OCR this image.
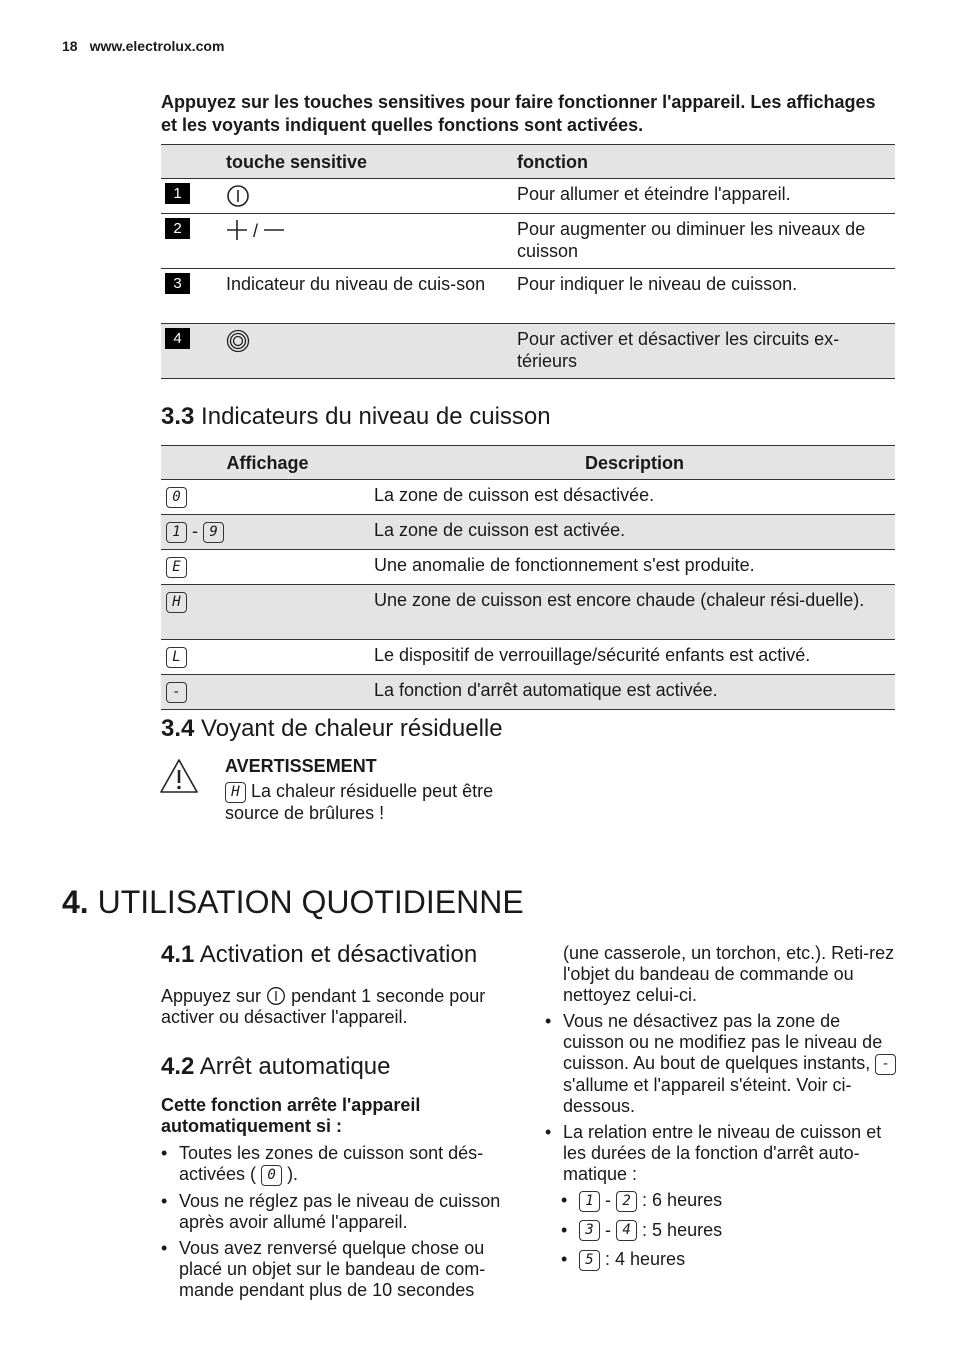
18 www.electrolux.com
Appuyez sur les touches sensitives pour faire fonctionner l'appareil. Les affichages et les voyants indiquent quelles fonctions sont activées.
	touche sensitive	fonction
1		Pour allumer et éteindre l'appareil.
2	/	Pour augmenter ou diminuer les niveaux de cuisson
3	Indicateur du niveau de cuis-son	Pour indiquer le niveau de cuisson.
4		Pour activer et désactiver les circuits ex-térieurs
3.3 Indicateurs du niveau de cuisson
Affichage	Description
0	La zone de cuisson est désactivée.
1 - 9	La zone de cuisson est activée.
E	Une anomalie de fonctionnement s'est produite.
H	Une zone de cuisson est encore chaude (chaleur rési-duelle).
L	Le dispositif de verrouillage/sécurité enfants est activé.
-	La fonction d'arrêt automatique est activée.
3.4 Voyant de chaleur résiduelle
AVERTISSEMENT
H La chaleur résiduelle peut être source de brûlures !
4. UTILISATION QUOTIDIENNE
4.1 Activation et désactivation
Appuyez sur pendant 1 seconde pour activer ou désactiver l'appareil.
4.2 Arrêt automatique
Cette fonction arrête l'appareil automatiquement si :
• Toutes les zones de cuisson sont dés-activées ( 0 ).
• Vous ne réglez pas le niveau de cuisson après avoir allumé l'appareil.
• Vous avez renversé quelque chose ou placé un objet sur le bandeau de com-mande pendant plus de 10 secondes
(une casserole, un torchon, etc.). Reti-rez l'objet du bandeau de commande ou nettoyez celui-ci.
• Vous ne désactivez pas la zone de cuisson ou ne modifiez pas le niveau de cuisson. Au bout de quelques instants, - s'allume et l'appareil s'éteint. Voir ci-dessous.
• La relation entre le niveau de cuisson et les durées de la fonction d'arrêt auto-matique :
• 1 - 2 : 6 heures
• 3 - 4 : 5 heures
• 5 : 4 heures
